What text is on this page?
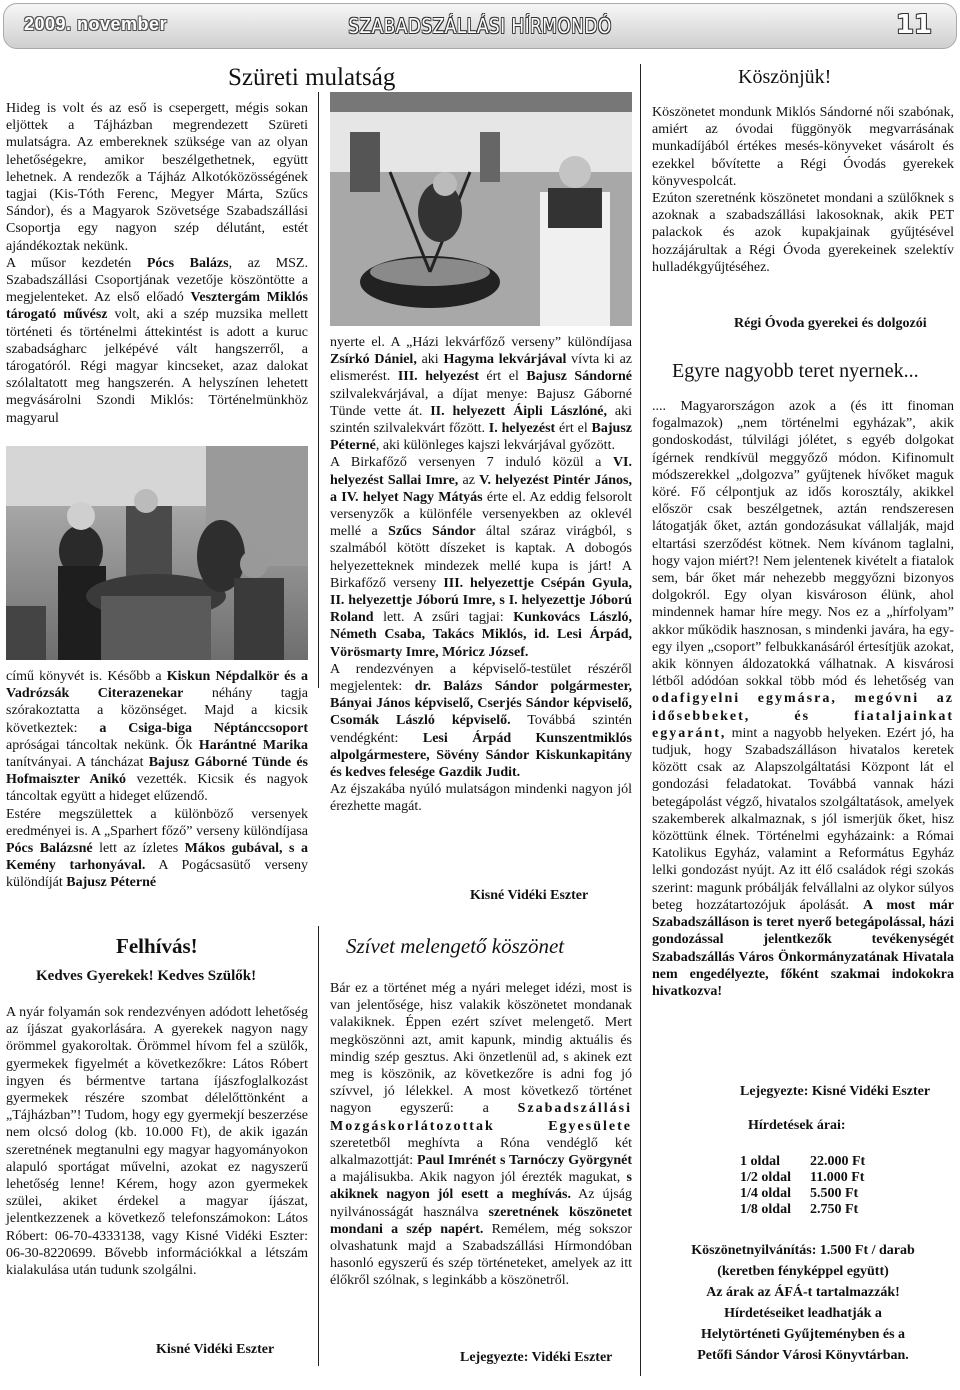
2009. november	SZABADSZÁLLÁSI HÍRMONDÓ	11
Szüreti mulatság

Hideg is volt és az eső is csepergett, mégis sokan eljöttek a Tájházban megrendezett Szüreti mulatságra. Az embereknek szüksége van az olyan lehetőségekre, amikor beszélgethetnek, együtt lehetnek. A rendezők a Tájház Alkotóközösségének tagjai (Kis-Tóth Ferenc, Megyer Márta, Szűcs Sándor), és a Magyarok Szövetsége Szabadszállási Csoportja egy nagyon szép délutánt, estét ajándékoztak nekünk.

A műsor kezdetén Pócs Balázs, az MSZ. Szabadszállási Csoportjának vezetője köszöntötte a megjelenteket. Az első előadó Vesztergám Miklós tárogató művész volt, aki a szép muzsika mellett történeti és történelmi áttekintést is adott a kuruc szabadságharc jelképévé vált hangszerről, a tárogatóról. Régi magyar kincseket, azaz dalokat szólaltatott meg hangszerén. A helyszínen lehetett megvásárolni Szondi Miklós: Történelmünkhöz magyarul

című könyvét is. Később a Kiskun Népdalkör és a Vadrózsák Citerazenekar néhány tagja szórakoztatta a közönséget. Majd a kicsik következtek: a Csiga-biga Néptánccsoport apróságai táncoltak nekünk. Ők Harántné Marika tanítványai. A táncházat Bajusz Gáborné Tünde és Hofmaiszter Anikó vezették. Kicsik és nagyok táncoltak együtt a hideget elűzendő.

Estére megszülettek a különböző versenyek eredményei is. A „Sparhert főző” verseny különdíjasa Pócs Balázsné lett az ízletes Mákos gubával, s a Kemény tarhonyával. A Pogácsasütő verseny különdíját Bajusz Péterné

nyerte el. A „Házi lekvárfőző verseny” különdíjasa Zsírkó Dániel, aki Hagyma lekvárjával vívta ki az elismerést. III. helyezést ért el Bajusz Sándorné szilvalekvárjával, a díjat menye: Bajusz Gáborné Tünde vette át. II. helyezett Áipli Lászlóné, aki szintén szilvalekvárt főzött. I. helyezést ért el Bajusz Péterné, aki különleges kajszi lekvárjával győzött.

A Birkafőző versenyen 7 induló közül a VI. helyezést Sallai Imre, az V. helyezést Pintér János, a IV. helyet Nagy Mátyás érte el. Az eddig felsorolt versenyzők a különféle versenyekben az oklevél mellé a Szűcs Sándor által száraz virágból, s szalmából kötött díszeket is kaptak. A dobogós helyezetteknek mindezek mellé kupa is járt! A Birkafőző verseny III. helyezettje Csépán Gyula, II. helyezettje Jóború Imre, s I. helyezettje Jóború Roland lett. A zsűri tagjai: Kunkovács László, Németh Csaba, Takács Miklós, id. Lesi Árpád, Vörösmarty Imre, Móricz József.

A rendezvényen a képviselő-testület részéről megjelentek: dr. Balázs Sándor polgármester, Bányai János képviselő, Cserjés Sándor képviselő, Csomák László képviselő. Továbbá szintén vendégként: Lesi Árpád Kunszentmiklós alpolgármestere, Sövény Sándor Kiskunkapitány és kedves felesége Gazdik Judit.

Az éjszakába nyúló mulatságon mindenki nagyon jól érezhette magát.

Kisné Vidéki Eszter
Felhívás!
Kedves Gyerekek! Kedves Szülők!

A nyár folyamán sok rendezvényen adódott lehetőség az íjászat gyakorlására. A gyerekek nagyon nagy örömmel gyakoroltak. Örömmel hívom fel a szülők, gyermekek figyelmét a következőkre: Látos Róbert ingyen és bérmentve tartana íjászfoglalkozást gyermekek részére szombat délelőttönként a „Tájházban”! Tudom, hogy egy gyermekjí beszerzése nem olcsó dolog (kb. 10.000 Ft), de akik igazán szeretnének megtanulni egy magyar hagyományokon alapuló sportágat művelni, azokat ez nagyszerű lehetőség lenne! Kérem, hogy azon gyermekek szülei, akiket érdekel a magyar íjászat, jelentkezzenek a következő telefonszámokon: Látos Róbert: 06-70-4333138, vagy Kisné Vidéki Eszter: 06-30-8220699. Bővebb információkkal a létszám kialakulása után tudunk szolgálni.

Kisné Vidéki Eszter
Szívet melengető köszönet

Bár ez a történet még a nyári meleget idézi, most is van jelentősége, hisz valakik köszönetet mondanak valakiknek. Éppen ezért szívet melengető. Mert megköszönni azt, amit kapunk, mindig aktuális és mindig szép gesztus. Aki önzetlenül ad, s akinek ezt meg is köszönik, az következőre is adni fog jó szívvel, jó lélekkel. A most következő történet nagyon egyszerű: a Szabadszállási Mozgáskorlátozottak Egyesülete szeretetből meghívta a Róna vendéglő két alkalmazottját: Paul Imrénét s Tarnóczy Györgynét a majálisukba. Akik nagyon jól érezték magukat, s akiknek nagyon jól esett a meghívás. Az újság nyilvánosságát használva szeretnének köszönetet mondani a szép napért. Remélem, még sokszor olvashatunk majd a Szabadszállási Hírmondóban hasonló egyszerű és szép történeteket, amelyek az itt élőkről szólnak, s leginkább a köszönetről.

Lejegyezte: Vidéki Eszter
Köszönjük!

Köszönetet mondunk Miklós Sándorné női szabónak, amiért az óvodai függönyök megvarrásának munkadíjából értékes mesés-könyveket vásárolt és ezekkel bővítette a Régi Óvodás gyerekek könyvespolcát.

Ezúton szeretnénk köszönetet mondani a szülőknek s azoknak a szabadszállási lakosoknak, akik PET palackok és azok kupakjainak gyűjtésével hozzájárultak a Régi Óvoda gyerekeinek szelektív hulladékgyűjtéséhez.

Régi Óvoda gyerekei és dolgozói
Egyre nagyobb teret nyernek...

.... Magyarországon azok a (és itt finoman fogalmazok) „nem történelmi egyházak”, akik gondoskodást, túlvilági jólétet, s egyéb dolgokat ígérnek rendkívül meggyőző módon. Kifinomult módszerekkel „dolgozva” gyűjtenek hívőket maguk köré. Fő célpontjuk az idős korosztály, akikkel először csak beszélgetnek, aztán rendszeresen látogatják őket, aztán gondozásukat vállalják, majd eltartási szerződést kötnek. Nem kívánom taglalni, hogy vajon miért?! Nem jelentenek kivételt a fiatalok sem, bár őket már nehezebb meggyőzni bizonyos dolgokról. Egy olyan kisvároson élünk, ahol mindennek hamar híre megy. Nos ez a „hírfolyam” akkor működik hasznosan, s mindenki javára, ha egy-egy ilyen „csoport” felbukkanásáról értesítjük azokat, akik könnyen áldozatokká válhatnak. A kisvárosi létből adódóan sokkal több mód és lehetőség van odafigyelni egymásra, megóvni az idősebbeket, és fiataljainkat egyaránt, mint a nagyobb helyeken. Ezért jó, ha tudjuk, hogy Szabadszálláson hivatalos keretek között csak az Alapszolgáltatási Központ lát el gondozási feladatokat. Továbbá vannak házi betegápolást végző, hivatalos szolgáltatások, amelyek szakemberek alkalmaznak, s jól ismerjük őket, hisz közöttünk élnek. Történelmi egyházaink: a Római Katolikus Egyház, valamint a Református Egyház lelki gondozást nyújt. Az itt élő családok régi szokás szerint: magunk próbálják felvállalni az olykor súlyos beteg hozzátartozójuk ápolását. A most már Szabadszálláson is teret nyerő betegápolással, házi gondozással jelentkezők tevékenységét Szabadszállás Város Önkormányzatának Hivatala nem engedélyezte, főként szakmai indokokra hivatkozva!

Lejegyezte: Kisné Vidéki Eszter
Hírdetések árai:
1 oldal	22.000 Ft
1/2 oldal	11.000 Ft
1/4 oldal	5.500 Ft
1/8 oldal	2.750 Ft
Köszönetnyilvánítás: 1.500 Ft / darab
(keretben fényképpel együtt)
Az árak az ÁFÁ-t tartalmazzák!
Hírdetéseiket leadhatják a
Helytörténeti Gyűjteményben és a
Petőfi Sándor Városi Könyvtárban.
